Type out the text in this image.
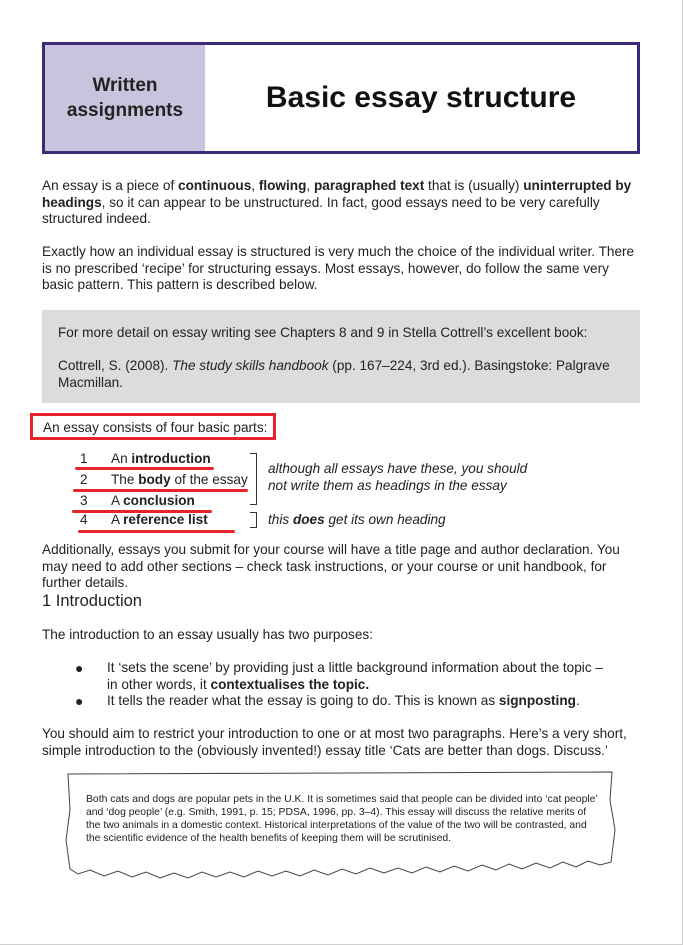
Written
assignments	Basic essay structure
An essay is a piece of continuous, flowing, paragraphed text that is (usually) uninterrupted by headings, so it can appear to be unstructured. In fact, good essays need to be very carefully structured indeed.
Exactly how an individual essay is structured is very much the choice of the individual writer. There is no prescribed ‘recipe’ for structuring essays. Most essays, however, do follow the same very basic pattern. This pattern is described below.
For more detail on essay writing see Chapters 8 and 9 in Stella Cottrell’s excellent book:
Cottrell, S. (2008). The study skills handbook (pp. 167–224, 3rd ed.). Basingstoke: Palgrave Macmillan.
An essay consists of four basic parts:
1 An introduction
2 The body of the essay
3 A conclusion
4 A reference list
although all essays have these, you should not write them as headings in the essay
this does get its own heading
Additionally, essays you submit for your course will have a title page and author declaration. You may need to add other sections – check task instructions, or your course or unit handbook, for further details.
1 Introduction
The introduction to an essay usually has two purposes:
● It ‘sets the scene’ by providing just a little background information about the topic – in other words, it contextualises the topic.
● It tells the reader what the essay is going to do. This is known as signposting.
You should aim to restrict your introduction to one or at most two paragraphs. Here’s a very short, simple introduction to the (obviously invented!) essay title ‘Cats are better than dogs. Discuss.’
Both cats and dogs are popular pets in the U.K. It is sometimes said that people can be divided into ‘cat people’ and ‘dog people’ (e.g. Smith, 1991, p. 15; PDSA, 1996, pp. 3–4). This essay will discuss the relative merits of the two animals in a domestic context. Historical interpretations of the value of the two will be contrasted, and the scientific evidence of the health benefits of keeping them will be scrutinised.
